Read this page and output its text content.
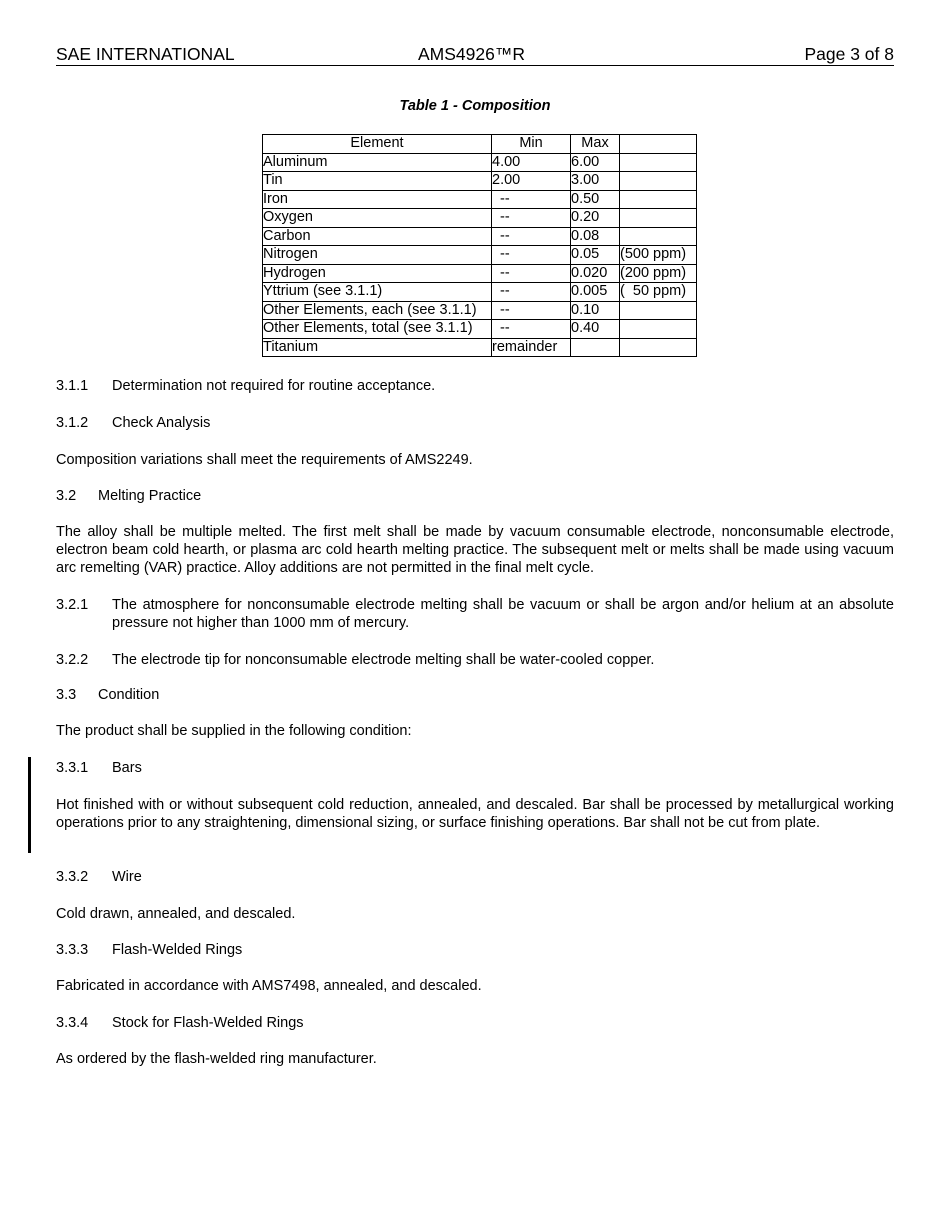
SAE INTERNATIONAL	AMS4926™R	Page 3 of 8
Table 1 - Composition
Element	Min	Max	
Aluminum	4.00	6.00	
Tin	2.00	3.00	
Iron	--	0.50	
Oxygen	--	0.20	
Carbon	--	0.08	
Nitrogen	--	0.05	(500 ppm)
Hydrogen	--	0.020	(200 ppm)
Yttrium (see 3.1.1)	--	0.005	(  50 ppm)
Other Elements, each (see 3.1.1)	--	0.10	
Other Elements, total (see 3.1.1)	--	0.40	
Titanium	remainder		
3.1.1 Determination not required for routine acceptance.
3.1.2 Check Analysis
Composition variations shall meet the requirements of AMS2249.
3.2 Melting Practice
The alloy shall be multiple melted. The first melt shall be made by vacuum consumable electrode, nonconsumable electrode, electron beam cold hearth, or plasma arc cold hearth melting practice. The subsequent melt or melts shall be made using vacuum arc remelting (VAR) practice. Alloy additions are not permitted in the final melt cycle.
3.2.1	The atmosphere for nonconsumable electrode melting shall be vacuum or shall be argon and/or helium at an absolute pressure not higher than 1000 mm of mercury.
3.2.2 The electrode tip for nonconsumable electrode melting shall be water-cooled copper.
3.3 Condition
The product shall be supplied in the following condition:
3.3.1 Bars
Hot finished with or without subsequent cold reduction, annealed, and descaled. Bar shall be processed by metallurgical working operations prior to any straightening, dimensional sizing, or surface finishing operations. Bar shall not be cut from plate.
3.3.2 Wire
Cold drawn, annealed, and descaled.
3.3.3 Flash-Welded Rings
Fabricated in accordance with AMS7498, annealed, and descaled.
3.3.4 Stock for Flash-Welded Rings
As ordered by the flash-welded ring manufacturer.
